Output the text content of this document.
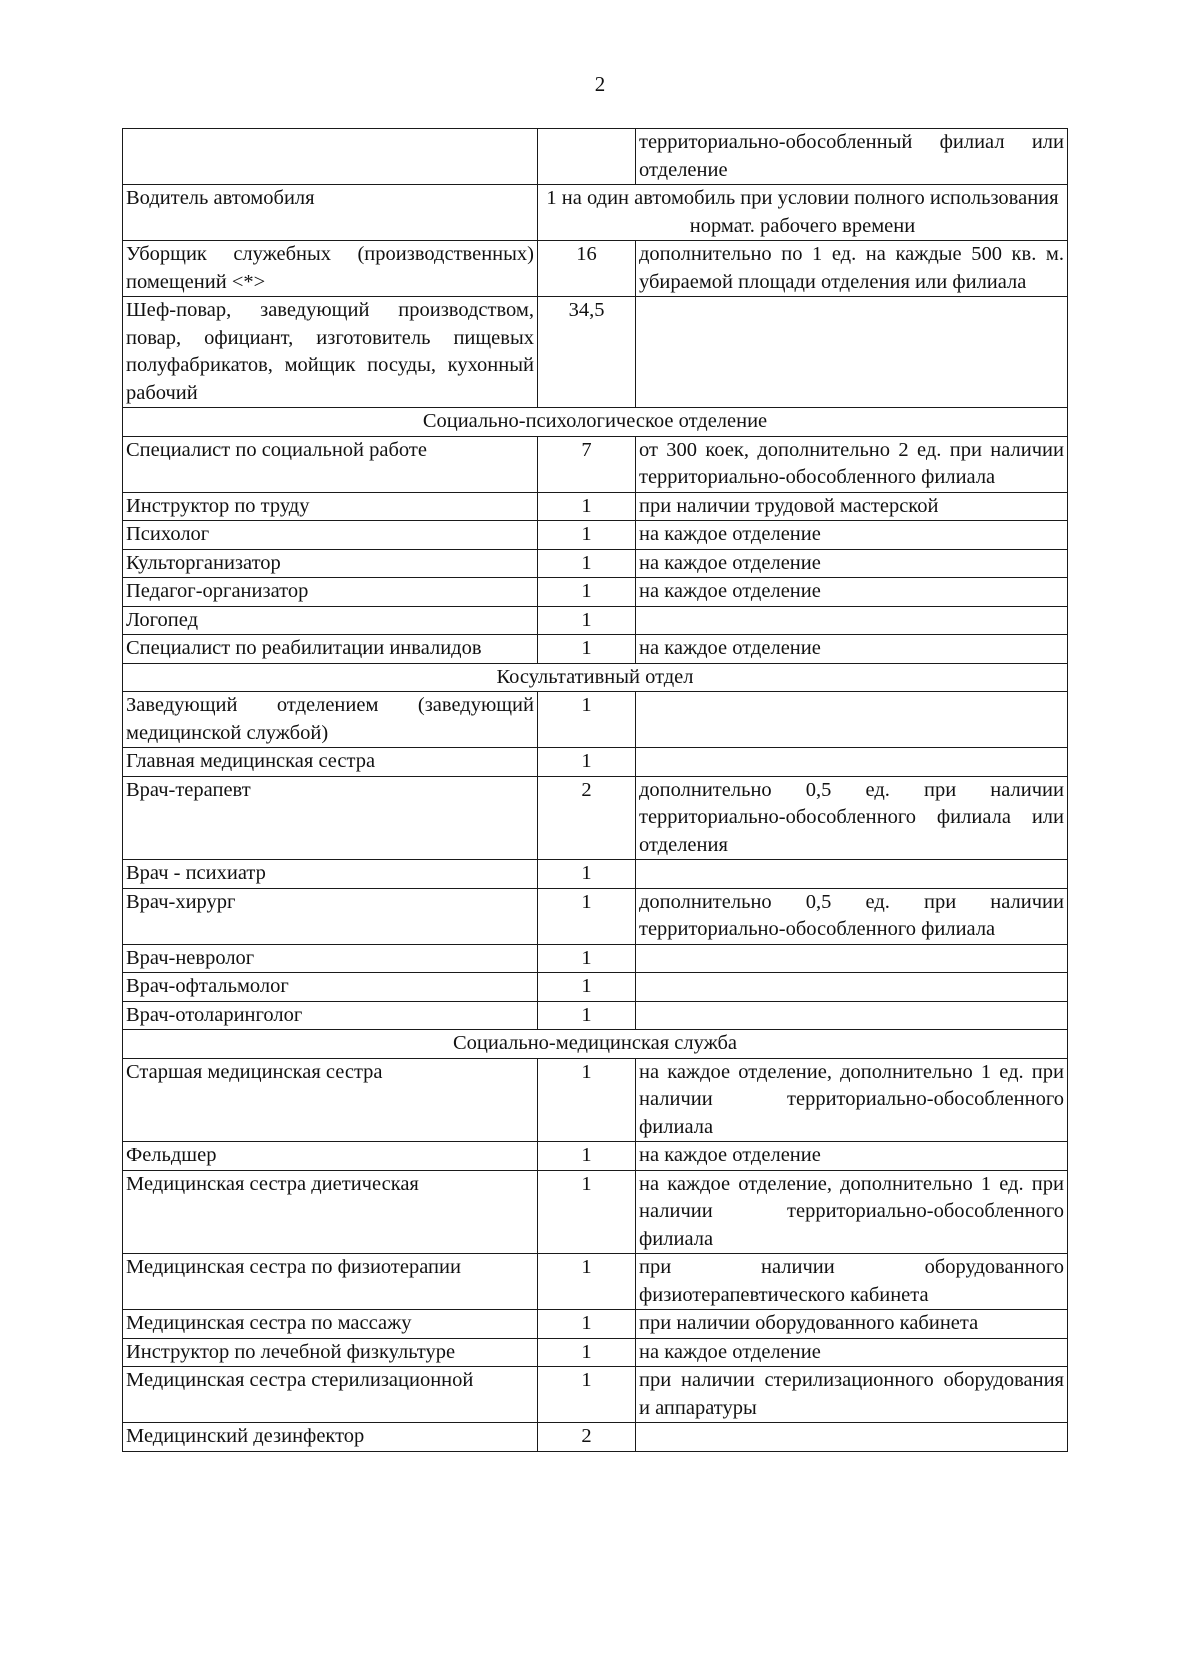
2
		территориально-обособленный филиал или отделение
Водитель автомобиля	1 на один автомобиль при условии полного использования нормат. рабочего времени	
Уборщик служебных (производственных) помещений <*>	16	дополнительно по 1 ед. на каждые 500 кв. м. убираемой площади отделения или филиала
Шеф-повар, заведующий производством, повар, официант, изготовитель пищевых полуфабрикатов, мойщик посуды, кухонный рабочий	34,5	
Социально-психологическое отделение		
Специалист по социальной работе	7	от 300 коек, дополнительно 2 ед. при наличии территориально-обособленного филиала
Инструктор по труду	1	при наличии трудовой мастерской
Психолог	1	на каждое отделение
Культорганизатор	1	на каждое отделение
Педагог-организатор	1	на каждое отделение
Логопед	1	
Специалист по реабилитации инвалидов	1	на каждое отделение
Косультативный отдел		
Заведующий отделением (заведующий медицинской службой)	1	
Главная медицинская сестра	1	
Врач-терапевт	2	дополнительно 0,5 ед. при наличии территориально-обособленного филиала или отделения
Врач - психиатр	1	
Врач-хирург	1	дополнительно 0,5 ед. при наличии территориально-обособленного филиала
Врач-невролог	1	
Врач-офтальмолог	1	
Врач-отоларинголог	1	
Социально-медицинская служба		
Старшая медицинская сестра	1	на каждое отделение, дополнительно 1 ед. при наличии территориально-обособленного филиала
Фельдшер	1	на каждое отделение
Медицинская сестра диетическая	1	на каждое отделение, дополнительно 1 ед. при наличии территориально-обособленного филиала
Медицинская сестра по физиотерапии	1	при наличии оборудованного физиотерапевтического кабинета
Медицинская сестра по массажу	1	при наличии оборудованного кабинета
Инструктор по лечебной физкультуре	1	на каждое отделение
Медицинская сестра стерилизационной	1	при наличии стерилизационного оборудования и аппаратуры
Медицинский дезинфектор	2	
